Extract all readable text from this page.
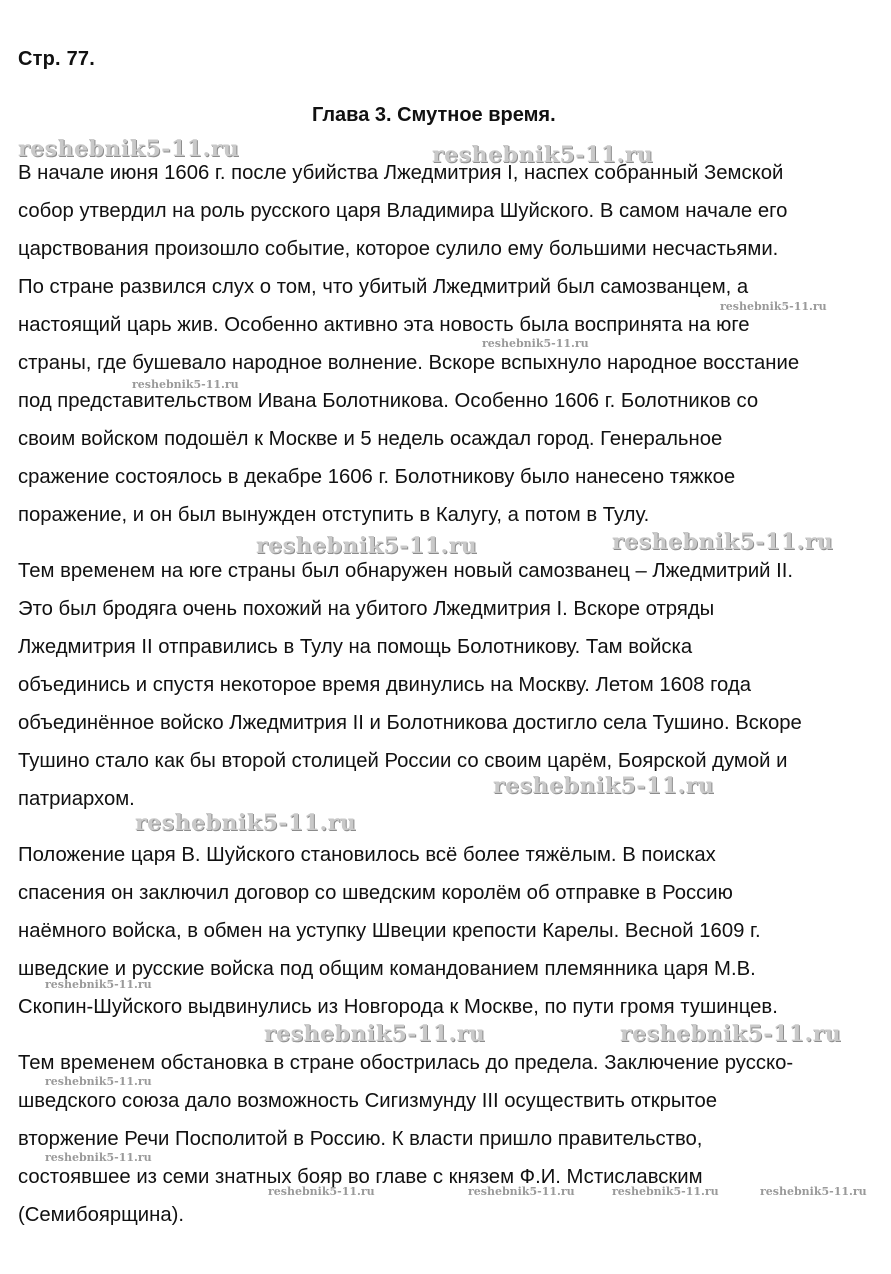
Стр. 77.
Глава 3. Смутное время.
В начале июня 1606 г. после убийства Лжедмитрия I, наспех собранный Земской
собор утвердил на роль русского царя Владимира Шуйского. В самом начале его
царствования произошло событие, которое сулило ему большими несчастьями.
По стране развился слух о том, что убитый Лжедмитрий был самозванцем, а
настоящий царь жив. Особенно активно эта новость была воспринята на юге
страны, где бушевало народное волнение. Вскоре вспыхнуло народное восстание
под представительством Ивана Болотникова. Особенно 1606 г. Болотников со
своим войском подошёл к Москве и 5 недель осаждал город. Генеральное
сражение состоялось в декабре 1606 г. Болотникову было нанесено тяжкое
поражение, и он был вынужден отступить в Калугу, а потом в Тулу.
Тем временем на юге страны был обнаружен новый самозванец – Лжедмитрий II.
Это был бродяга очень похожий на убитого Лжедмитрия I. Вскоре отряды
Лжедмитрия II отправились в Тулу на помощь Болотникову. Там войска
объединись и спустя некоторое время двинулись на Москву. Летом 1608 года
объединённое войско Лжедмитрия II и Болотникова достигло села Тушино. Вскоре
Тушино стало как бы второй столицей России со своим царём, Боярской думой и
патриархом.
Положение царя В. Шуйского становилось всё более тяжёлым. В поисках
спасения он заключил договор со шведским королём об отправке в Россию
наёмного войска, в обмен на уступку Швеции крепости Карелы. Весной 1609 г.
шведские и русские войска под общим командованием племянника царя М.В.
Скопин-Шуйского выдвинулись из Новгорода к Москве, по пути громя тушинцев.
Тем временем обстановка в стране обострилась до предела. Заключение русско-
шведского союза дало возможность Сигизмунду III осуществить открытое
вторжение Речи Посполитой в Россию. К власти пришло правительство,
состоявшее из семи знатных бояр во главе с князем Ф.И. Мстиславским
(Семибоярщина).
reshebnik5-11.ru	reshebnik5-11.ru
reshebnik5-11.ru
reshebnik5-11.ru
reshebnik5-11.ru
reshebnik5-11.ru	reshebnik5-11.ru
reshebnik5-11.ru
reshebnik5-11.ru
reshebnik5-11.ru
reshebnik5-11.ru	reshebnik5-11.ru
reshebnik5-11.ru
reshebnik5-11.ru
reshebnik5-11.ru	reshebnik5-11.ru	reshebnik5-11.ru	reshebnik5-11.ru
